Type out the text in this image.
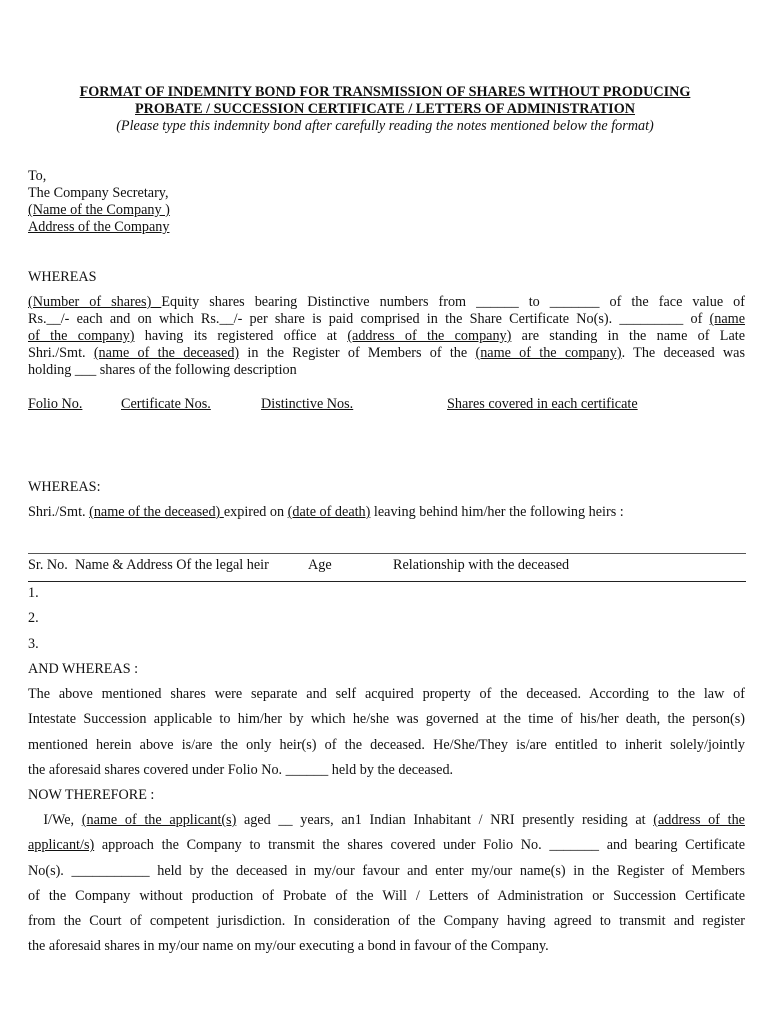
FORMAT OF INDEMNITY BOND FOR TRANSMISSION OF SHARES WITHOUT PRODUCING
PROBATE / SUCCESSION CERTIFICATE / LETTERS OF ADMINISTRATION
(Please type this indemnity bond after carefully reading the notes mentioned below the format)
To,
The Company Secretary,
(Name of the Company )
Address of the Company
WHEREAS
(Number of shares) Equity shares bearing Distinctive numbers from ______ to _______ of the face value of
Rs.__/- each and on which Rs.__/- per share is paid comprised in the Share Certificate No(s). _________ of (name
of the company) having its registered office at (address of the company) are standing in the name of Late
Shri./Smt. (name of the deceased) in the Register of Members of the (name of the company). The deceased was
holding ___ shares of the following description
Folio No.	Certificate Nos.	Distinctive Nos.	Shares covered in each certificate
WHEREAS:
Shri./Smt. (name of the deceased) expired on (date of death) leaving behind him/her the following heirs :
Sr. No. Name & Address Of the legal heir	Age	Relationship with the deceased
1.
2.
3.
AND WHEREAS :
The above mentioned shares were separate and self acquired property of the deceased. According to the law of
Intestate Succession applicable to him/her by which he/she was governed at the time of his/her death, the person(s)
mentioned herein above is/are the only heir(s) of the deceased. He/She/They is/are entitled to inherit solely/jointly
the aforesaid shares covered under Folio No. ______ held by the deceased.
NOW THEREFORE :
I/We, (name of the applicant(s) aged __ years, an1 Indian Inhabitant / NRI presently residing at (address of the
applicant/s) approach the Company to transmit the shares covered under Folio No. _______ and bearing Certificate
No(s). ___________ held by the deceased in my/our favour and enter my/our name(s) in the Register of Members
of the Company without production of Probate of the Will / Letters of Administration or Succession Certificate
from the Court of competent jurisdiction. In consideration of the Company having agreed to transmit and register
the aforesaid shares in my/our name on my/our executing a bond in favour of the Company.
